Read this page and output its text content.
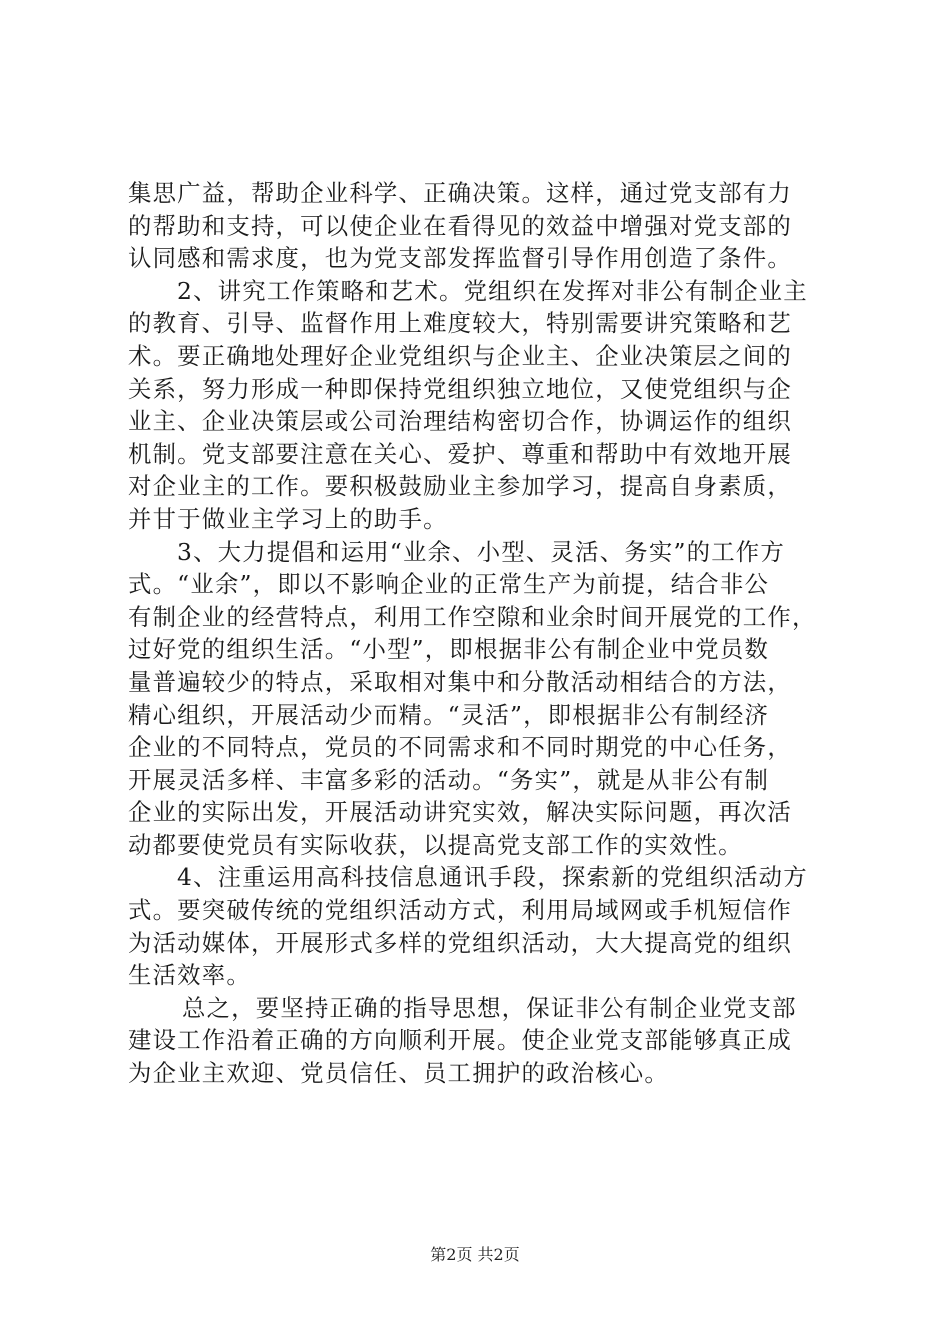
集思广益，帮助企业科学、正确决策。这样，通过党支部有力
的帮助和支持，可以使企业在看得见的效益中增强对党支部的
认同感和需求度，也为党支部发挥监督引导作用创造了条件。
2、讲究工作策略和艺术。党组织在发挥对非公有制企业主
的教育、引导、监督作用上难度较大，特别需要讲究策略和艺
术。要正确地处理好企业党组织与企业主、企业决策层之间的
关系，努力形成一种即保持党组织独立地位，又使党组织与企
业主、企业决策层或公司治理结构密切合作，协调运作的组织
机制。党支部要注意在关心、爱护、尊重和帮助中有效地开展
对企业主的工作。要积极鼓励业主参加学习，提高自身素质，
并甘于做业主学习上的助手。
3、大力提倡和运用“业余、小型、灵活、务实”的工作方
式。“业余”，即以不影响企业的正常生产为前提，结合非公
有制企业的经营特点，利用工作空隙和业余时间开展党的工作，
过好党的组织生活。“小型”，即根据非公有制企业中党员数
量普遍较少的特点，采取相对集中和分散活动相结合的方法，
精心组织，开展活动少而精。“灵活”，即根据非公有制经济
企业的不同特点，党员的不同需求和不同时期党的中心任务，
开展灵活多样、丰富多彩的活动。“务实”，就是从非公有制
企业的实际出发，开展活动讲究实效，解决实际问题，再次活
动都要使党员有实际收获，以提高党支部工作的实效性。
4、注重运用高科技信息通讯手段，探索新的党组织活动方
式。要突破传统的党组织活动方式，利用局域网或手机短信作
为活动媒体，开展形式多样的党组织活动，大大提高党的组织
生活效率。
总之，要坚持正确的指导思想，保证非公有制企业党支部
建设工作沿着正确的方向顺利开展。使企业党支部能够真正成
为企业主欢迎、党员信任、员工拥护的政治核心。
第2页 共2页
